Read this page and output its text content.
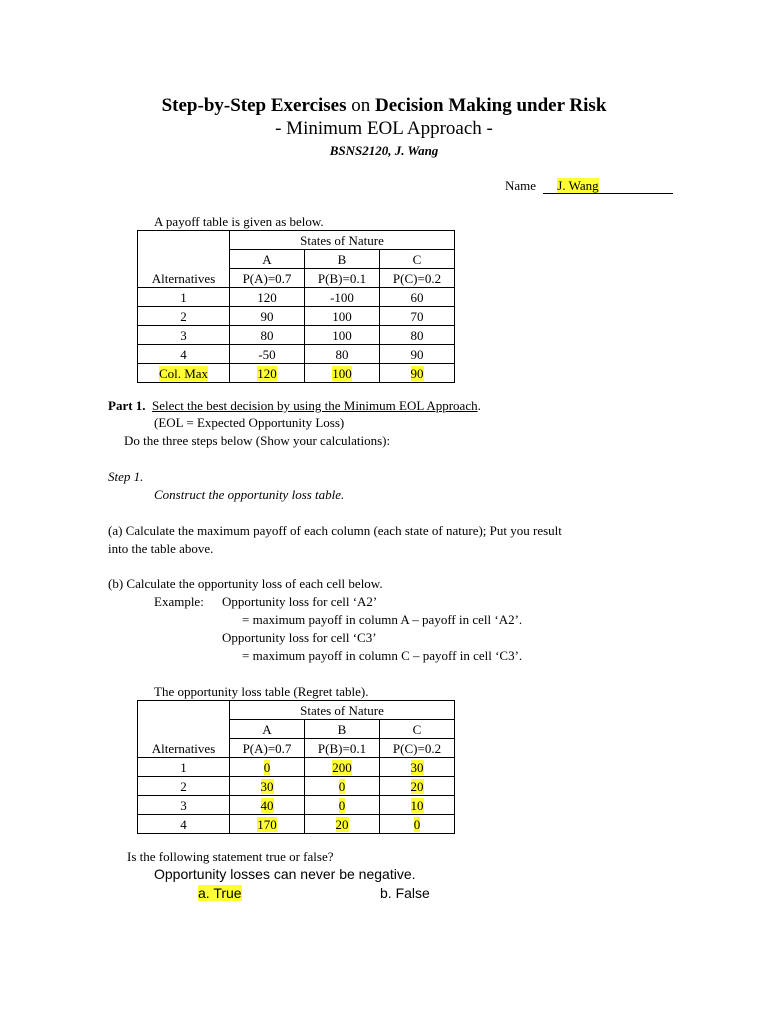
Step-by-Step Exercises on Decision Making under Risk
- Minimum EOL Approach -
BSNS2120, J. Wang
Name J. Wang
A payoff table is given as below.
Alternatives	States of Nature		
	A	B	C
	P(A)=0.7	P(B)=0.1	P(C)=0.2
1	120	-100	60
2	90	100	70
3	80	100	80
4	-50	80	90
Col. Max	120	100	90
Part 1. Select the best decision by using the Minimum EOL Approach.
(EOL = Expected Opportunity Loss)
Do the three steps below (Show your calculations):
Step 1.
Construct the opportunity loss table.
(a) Calculate the maximum payoff of each column (each state of nature); Put you result
into the table above.
(b) Calculate the opportunity loss of each cell below.
Example: Opportunity loss for cell ‘A2’
= maximum payoff in column A – payoff in cell ‘A2’.
Opportunity loss for cell ‘C3’
= maximum payoff in column C – payoff in cell ‘C3’.
The opportunity loss table (Regret table).
Alternatives	States of Nature		
	A	B	C
	P(A)=0.7	P(B)=0.1	P(C)=0.2
1	0	200	30
2	30	0	20
3	40	0	10
4	170	20	0
Is the following statement true or false?
Opportunity losses can never be negative.
a. True	b. False
